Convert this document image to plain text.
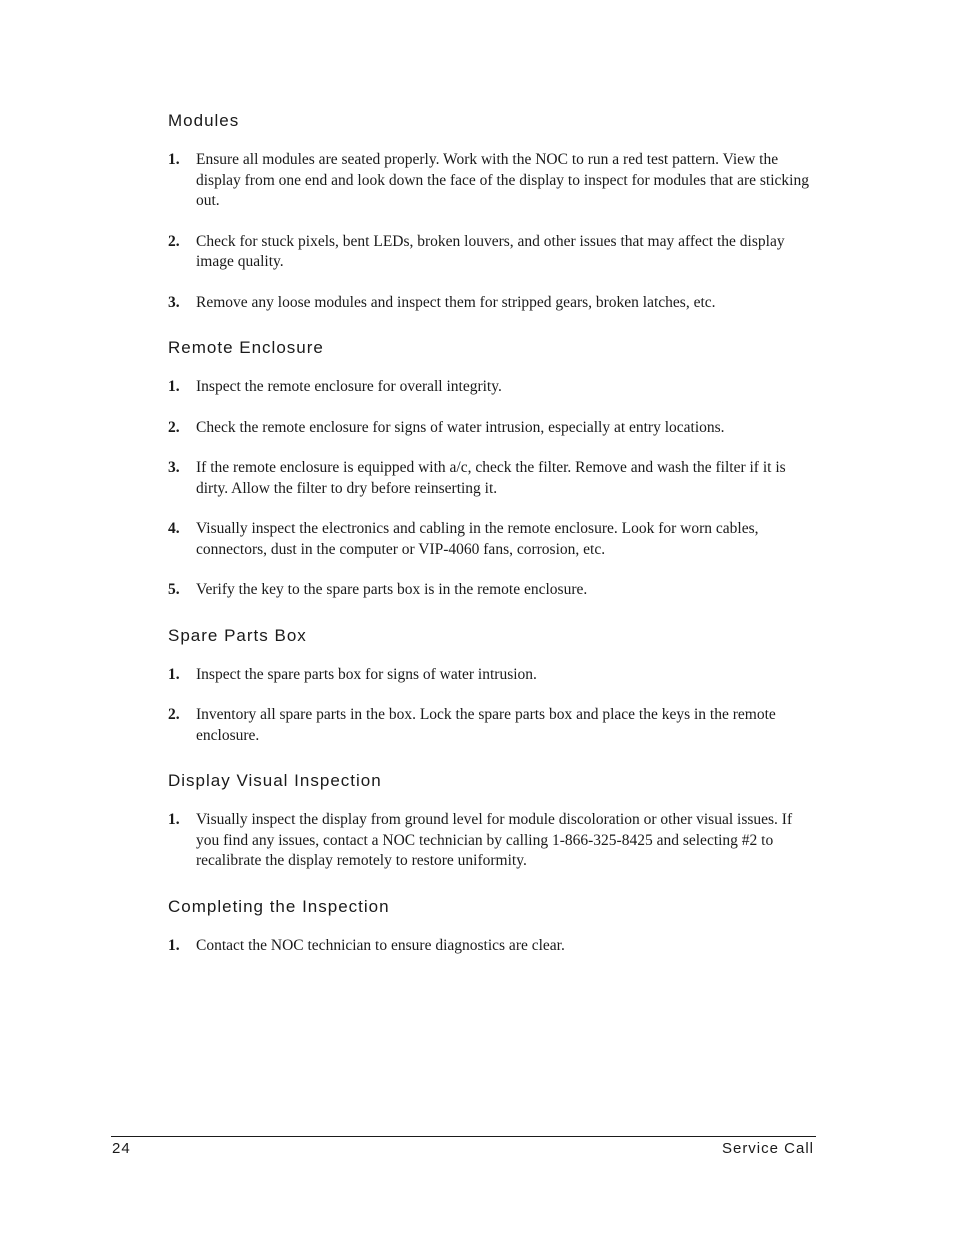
Modules
1.	Ensure all modules are seated properly. Work with the NOC to run a red test pattern. View the display from one end and look down the face of the display to inspect for modules that are sticking out.
2.	Check for stuck pixels, bent LEDs, broken louvers, and other issues that may affect the display image quality.
3.	Remove any loose modules and inspect them for stripped gears, broken latches, etc.
Remote Enclosure
1.	Inspect the remote enclosure for overall integrity.
2.	Check the remote enclosure for signs of water intrusion, especially at entry locations.
3.	If the remote enclosure is equipped with a/c, check the filter. Remove and wash the filter if it is dirty. Allow the filter to dry before reinserting it.
4.	Visually inspect the electronics and cabling in the remote enclosure. Look for worn cables, connectors, dust in the computer or VIP-4060 fans, corrosion, etc.
5.	Verify the key to the spare parts box is in the remote enclosure.
Spare Parts Box
1.	Inspect the spare parts box for signs of water intrusion.
2.	Inventory all spare parts in the box. Lock the spare parts box and place the keys in the remote enclosure.
Display Visual Inspection
1.	Visually inspect the display from ground level for module discoloration or other visual issues. If you find any issues, contact a NOC technician by calling 1-866-325-8425 and selecting #2 to recalibrate the display remotely to restore uniformity.
Completing the Inspection
1.	Contact the NOC technician to ensure diagnostics are clear.
24	Service Call
